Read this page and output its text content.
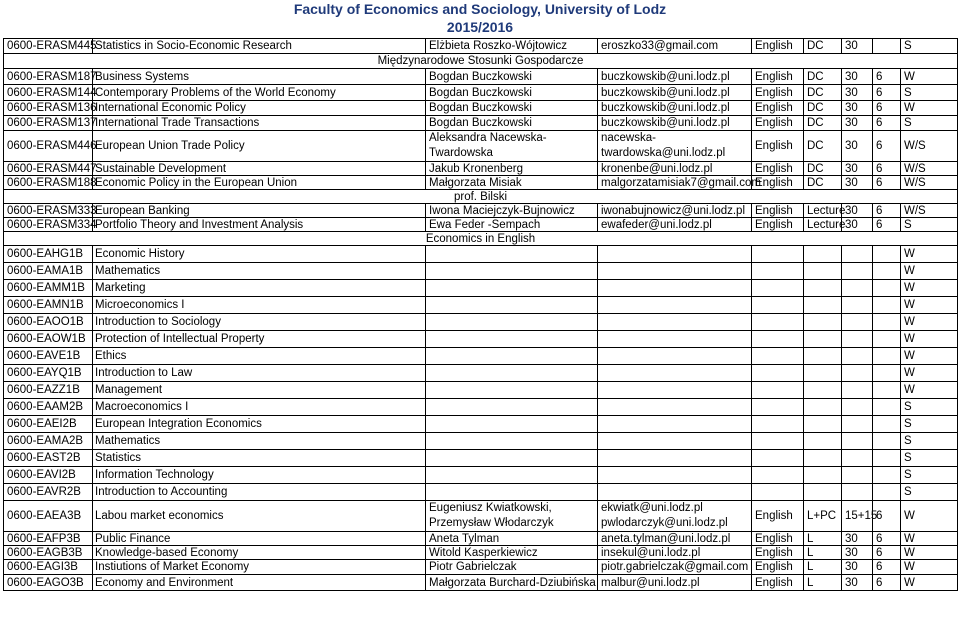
Faculty of Economics and Sociology, University of Lodz
2015/2016
0600-ERASM445	Statistics in Socio-Economic Research	Elżbieta Roszko-Wójtowicz	eroszko33@gmail.com	English	DC	30		S
Międzynarodowe Stosunki Gospodarcze								
0600-ERASM187	Business Systems	Bogdan Buczkowski	buczkowskib@uni.lodz.pl	English	DC	30	6	W
0600-ERASM144	Contemporary Problems of the World Economy	Bogdan Buczkowski	buczkowskib@uni.lodz.pl	English	DC	30	6	S
0600-ERASM136	International Economic Policy	Bogdan Buczkowski	buczkowskib@uni.lodz.pl	English	DC	30	6	W
0600-ERASM137	International Trade Transactions	Bogdan Buczkowski	buczkowskib@uni.lodz.pl	English	DC	30	6	S
0600-ERASM446	European Union Trade Policy	Aleksandra Nacewska-Twardowska	nacewska-twardowska@uni.lodz.pl	English	DC	30	6	W/S
0600-ERASM447	Sustainable Development	Jakub Kronenberg	kronenbe@uni.lodz.pl	English	DC	30	6	W/S
0600-ERASM188	Economic Policy in the European Union	Małgorzata Misiak	malgorzatamisiak7@gmail.com	English	DC	30	6	W/S
prof. Bilski								
0600-ERASM333	European Banking	Iwona Maciejczyk-Bujnowicz	iwonabujnowicz@uni.lodz.pl	English	Lecture	30	6	W/S
0600-ERASM334	Portfolio Theory and Investment Analysis	Ewa Feder -Sempach	ewafeder@uni.lodz.pl	English	Lecture	30	6	S
Economics in English								
0600-EAHG1B	Economic History							W
0600-EAMA1B	Mathematics							W
0600-EAMM1B	Marketing							W
0600-EAMN1B	Microeconomics I							W
0600-EAOO1B	Introduction to Sociology							W
0600-EAOW1B	Protection of Intellectual Property							W
0600-EAVE1B	Ethics							W
0600-EAYQ1B	Introduction to Law							W
0600-EAZZ1B	Management							W
0600-EAAM2B	Macroeconomics I							S
0600-EAEI2B	European Integration Economics							S
0600-EAMA2B	Mathematics							S
0600-EAST2B	Statistics							S
0600-EAVI2B	Information Technology							S
0600-EAVR2B	Introduction to Accounting							S
0600-EAEA3B	Labou market economics	Eugeniusz Kwiatkowski, Przemysław Włodarczyk	ekwiatk@uni.lodz.pl pwlodarczyk@uni.lodz.pl	English	L+PC	15+15	6	W
0600-EAFP3B	Public Finance	Aneta Tylman	aneta.tylman@uni.lodz.pl	English	L	30	6	W
0600-EAGB3B	Knowledge-based Economy	Witold Kasperkiewicz	insekul@uni.lodz.pl	English	L	30	6	W
0600-EAGI3B	Instiutions of Market Economy	Piotr Gabrielczak	piotr.gabrielczak@gmail.com	English	L	30	6	W
0600-EAGO3B	Economy and Environment	Małgorzata Burchard-Dziubińska	malbur@uni.lodz.pl	English	L	30	6	W
